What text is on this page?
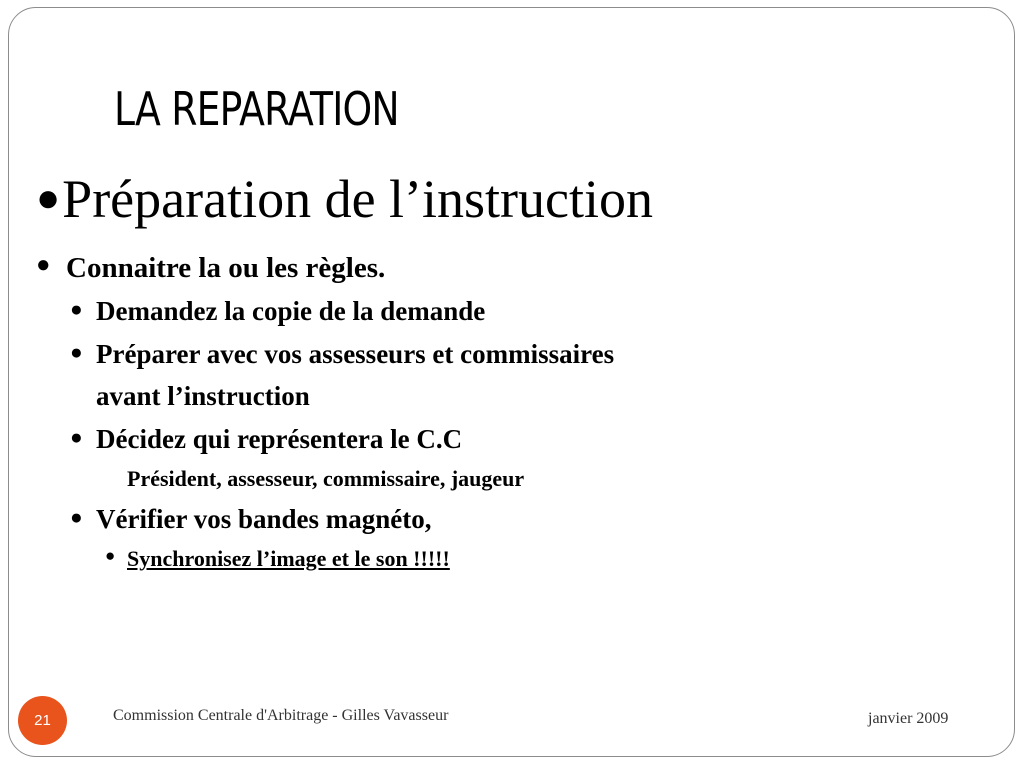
LA REPARATION
●Préparation de l’instruction
● Connaitre la ou les règles.
● Demandez la copie de la demande
● Préparer avec vos assesseurs et commissaires
avant l’instruction
● Décidez qui représentera le C.C
Président, assesseur, commissaire, jaugeur
● Vérifier vos bandes magnéto,
● Synchronisez l’image et le son !!!!!
21	Commission Centrale d'Arbitrage - Gilles Vavasseur	janvier 2009
